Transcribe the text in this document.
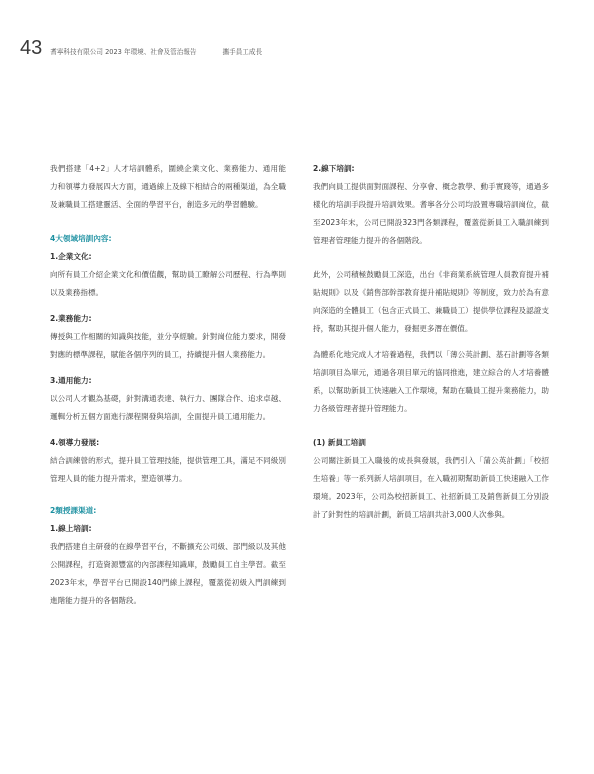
43 耆寧科技有限公司 2023 年環境、社會及管治報告	攜手員工成長

我們搭建「4+2」人才培訓體系，圍繞企業文化、業務能力、通用能力和領導力發展四大方面，通過線上及線下相結合的兩種渠道，為全職及兼職員工搭建靈活、全面的學習平台，創造多元的學習體驗。

4大領域培訓內容:

1.企業文化:

向所有員工介紹企業文化和價值觀，幫助員工瞭解公司歷程、行為準則以及業務指標。

2.業務能力:

傳授與工作相關的知識與技能，並分享經驗。針對崗位能力要求，開發對應的標準課程，賦能各個序列的員工，持續提升個人業務能力。

3.通用能力:

以公司人才觀為基礎，針對溝通表達、執行力、團隊合作、追求卓越、邏輯分析五個方面進行課程開發與培訓，全面提升員工通用能力。

4.領導力發展:

結合訓練營的形式，提升員工管理技能，提供管理工具，滿足不同級別管理人員的能力提升需求，塑造領導力。

2類授課渠道:

1.線上培訓:

我們搭建自主研發的在線學習平台，不斷擴充公司級、部門級以及其他公開課程，打造資源豐富的內部課程知識庫，鼓勵員工自主學習。截至2023年末，學習平台已開設140門線上課程，覆蓋從初級入門訓練到進階能力提升的各個階段。

2.線下培訓:

我們向員工提供面對面課程、分享會、概念教學、動手實踐等，通過多樣化的培訓手段提升培訓效果。耆寧各分公司均設置專職培訓崗位，截至2023年末，公司已開設323門各類課程，覆蓋從新員工入職訓練到管理者管理能力提升的各個階段。

此外，公司積極鼓勵員工深造，出台《非商業系統管理人員教育提升補貼規則》以及《銷售部幹部教育提升補貼規則》等制度，致力於為有意向深造的全體員工（包含正式員工、兼職員工）提供學位課程及認證支持，幫助其提升個人能力，發掘更多潛在價值。

為體系化地完成人才培養過程，我們以「薄公英計劃、基石計劃等各類培訓項目為單元，通過各項目單元的協同推進，建立綜合的人才培養體系，以幫助新員工快速融入工作環境，幫助在職員工提升業務能力，助力各級管理者提升管理能力。

(1) 新員工培訓

公司關注新員工入職後的成長與發展，我們引入「蒲公英計劃」「校招生培養」等一系列新人培訓項目，在入職初期幫助新員工快速融入工作環境。2023年，公司為校招新員工、社招新員工及銷售新員工分別設計了針對性的培訓計劃，新員工培訓共計3,000人次參與。
